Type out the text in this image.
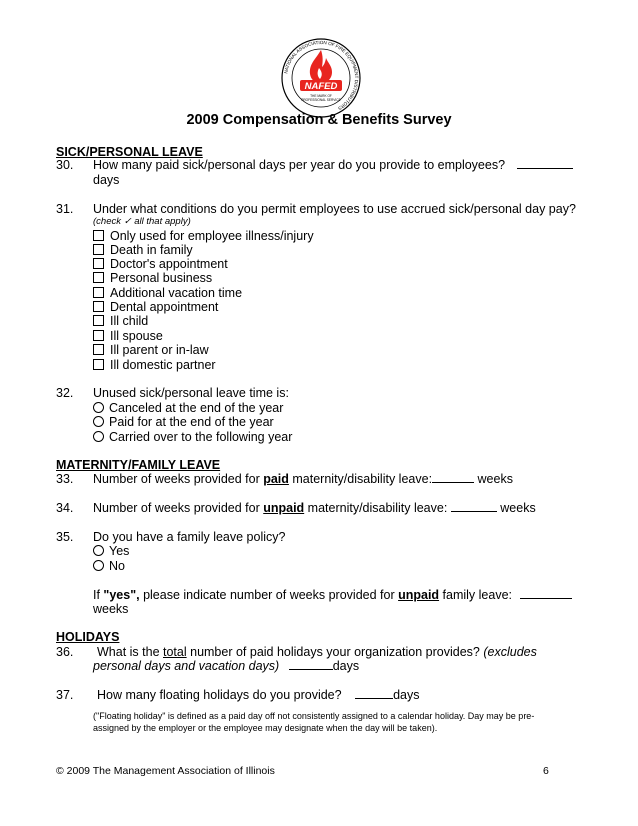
NATIONAL ASSOCIATION OF FIRE EQUIPMENT DISTRIBUTORS
NAFED
THE MARK OF
PROFESSIONAL SERVICE
2009 Compensation & Benefits Survey
SICK/PERSONAL LEAVE
30. How many paid sick/personal days per year do you provide to employees?
days
31. Under what conditions do you permit employees to use accrued sick/personal day pay?
(check ✓ all that apply)
Only used for employee illness/injury
Death in family
Doctor's appointment
Personal business
Additional vacation time
Dental appointment
Ill child
Ill spouse
Ill parent or in-law
Ill domestic partner
32. Unused sick/personal leave time is:
Canceled at the end of the year
Paid for at the end of the year
Carried over to the following year
MATERNITY/FAMILY LEAVE
33. Number of weeks provided for paid maternity/disability leave:	weeks
34. Number of weeks provided for unpaid maternity/disability leave:	weeks
35. Do you have a family leave policy?
Yes
No
If "yes", please indicate number of weeks provided for unpaid family leave:
weeks
HOLIDAYS
36. What is the total number of paid holidays your organization provides? (excludes
personal days and vacation days)	days
37. How many floating holidays do you provide?	days
("Floating holiday" is defined as a paid day off not consistently assigned to a calendar holiday. Day may be pre-
assigned by the employer or the employee may designate when the day will be taken).
© 2009 The Management Association of Illinois	6
